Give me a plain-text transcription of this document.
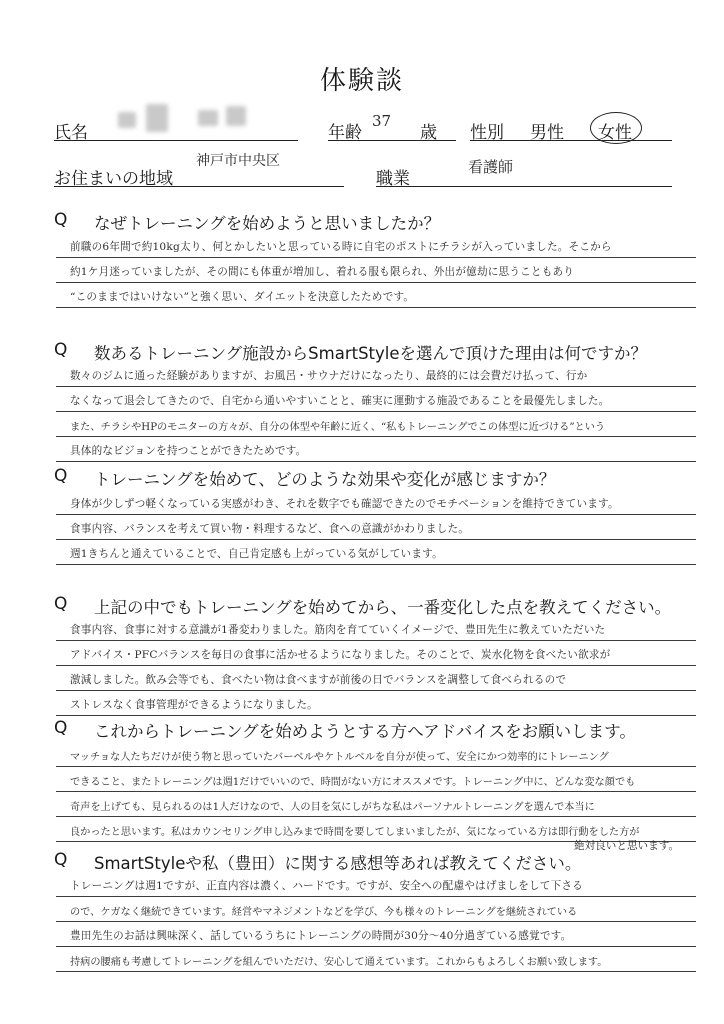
体験談
氏名	年齢
37
歳 性別 男性 女性
お住まいの地域
神戸市中央区
職業
看護師
Q なぜトレーニングを始めようと思いましたか？
前職の6年間で約10kg太り、何とかしたいと思っている時に自宅のポストにチラシが入っていました。そこから
約1ケ月迷っていましたが、その間にも体重が増加し、着れる服も限られ、外出が億劫に思うこともあり
“このままではいけない”と強く思い、ダイエットを決意したためです。
Q 数あるトレーニング施設からSmartStyleを選んで頂けた理由は何ですか？
数々のジムに通った経験がありますが、お風呂・サウナだけになったり、最終的には会費だけ払って、行か
なくなって退会してきたので、自宅から通いやすいことと、確実に運動する施設であることを最優先しました。
また、チラシやHPのモニターの方々が、自分の体型や年齢に近く、“私もトレーニングでこの体型に近づける”という
具体的なビジョンを持つことができたためです。
Q トレーニングを始めて、どのような効果や変化が感じますか？
身体が少しずつ軽くなっている実感がわき、それを数字でも確認できたのでモチベーションを維持できています。
食事内容、バランスを考えて買い物・料理するなど、食への意識がかわりました。
週1きちんと通えていることで、自己肯定感も上がっている気がしています。
Q 上記の中でもトレーニングを始めてから、一番変化した点を教えてください。
食事内容、食事に対する意識が1番変わりました。筋肉を育てていくイメージで、豊田先生に教えていただいた
アドバイス・PFCバランスを毎日の食事に活かせるようになりました。そのことで、炭水化物を食べたい欲求が
激減しました。飲み会等でも、食べたい物は食べますが前後の日でバランスを調整して食べられるので
ストレスなく食事管理ができるようになりました。
Q これからトレーニングを始めようとする方へアドバイスをお願いします。
マッチョな人たちだけが使う物と思っていたバーベルやケトルベルを自分が使って、安全にかつ効率的にトレーニング
できること、またトレーニングは週1だけでいいので、時間がない方にオススメです。トレーニング中に、どんな変な顔でも
奇声を上げても、見られるのは1人だけなので、人の目を気にしがちな私はパーソナルトレーニングを選んで本当に
良かったと思います。私はカウンセリング申し込みまで時間を要してしまいましたが、気になっている方は即行動をした方が
絶対良いと思います。
Q SmartStyleや私（豊田）に関する感想等あれば教えてください。
トレーニングは週1ですが、正直内容は濃く、ハードです。ですが、安全への配慮やはげましをして下さる
ので、ケガなく継続できています。経営やマネジメントなどを学び、今も様々のトレーニングを継続されている
豊田先生のお話は興味深く、話しているうちにトレーニングの時間が30分～40分過ぎている感覚です。
持病の腰痛も考慮してトレーニングを組んでいただけ、安心して通えています。これからもよろしくお願い致します。
